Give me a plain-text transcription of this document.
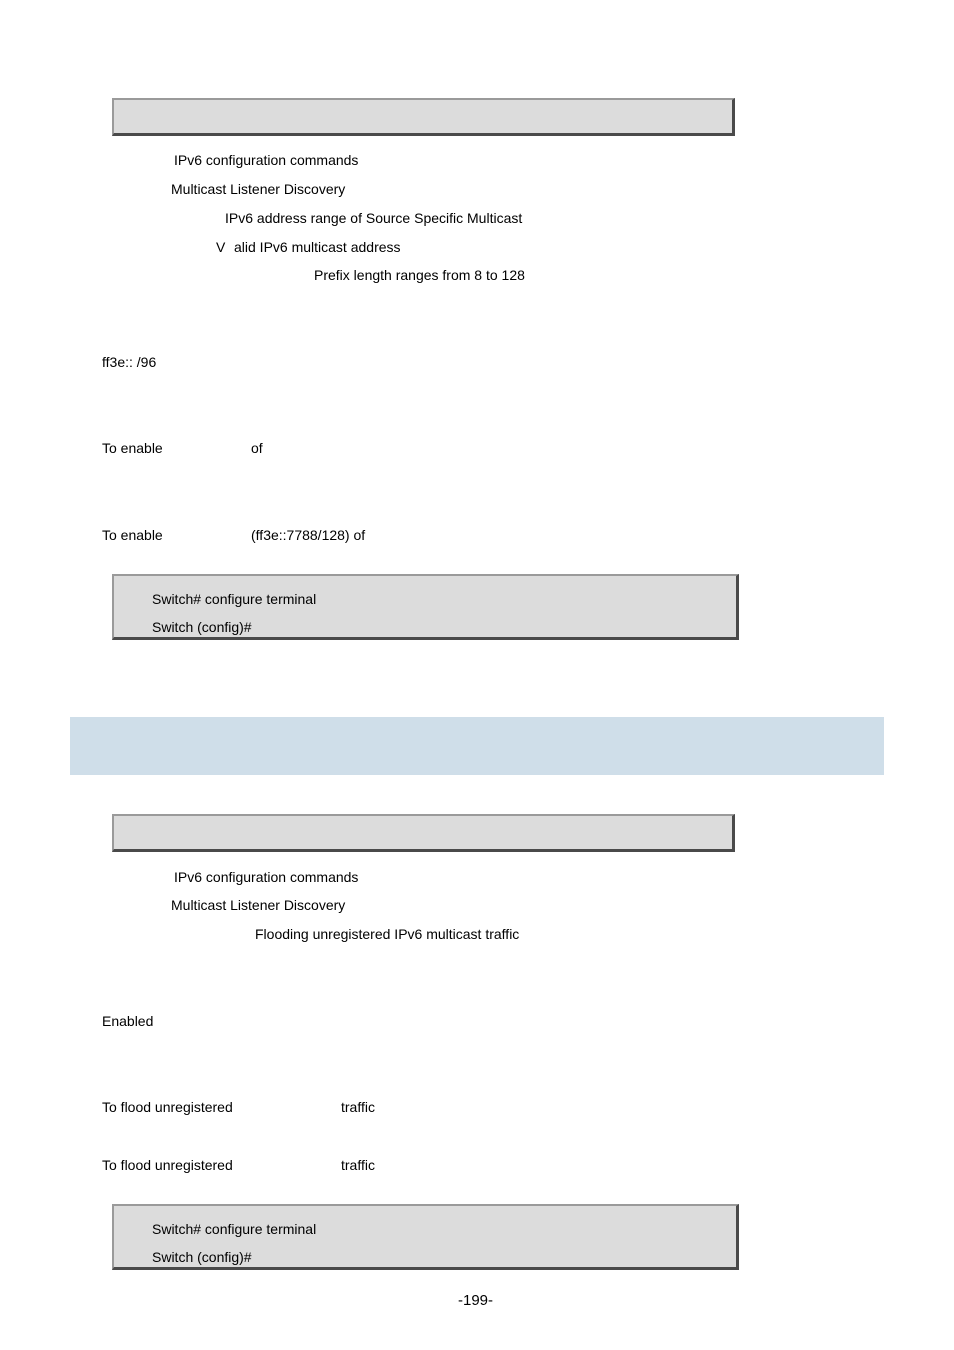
IPv6 configuration commands
Multicast Listener Discovery
IPv6 address range of Source Specific Multicast
V alid IPv6 multicast address
Prefix length ranges from 8 to 128
ff3e:: /96
To enable	of
To enable	(ff3e::7788/128) of
Switch# configure terminal
Switch (config)#
IPv6 configuration commands
Multicast Listener Discovery
Flooding unregistered IPv6 multicast traffic
Enabled
To flood unregistered	traffic
To flood unregistered	traffic
Switch# configure terminal
Switch (config)#
-199-
